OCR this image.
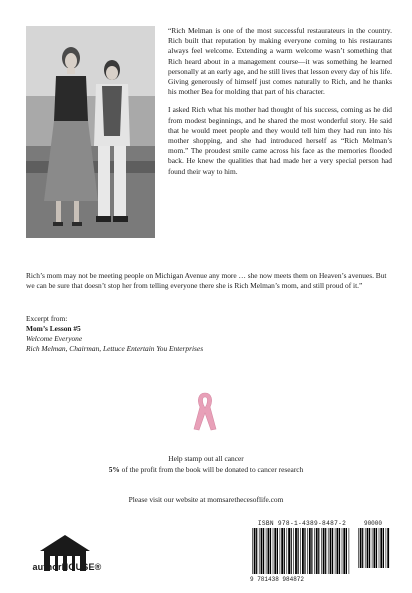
“Rich Melman is one of the most successful restaurateurs in the country. Rich built that reputation by making everyone coming to his restaurants always feel welcome. Extending a warm welcome wasn’t something that Rich heard about in a management course—it was something he learned personally at an early age, and he still lives that lesson every day of his life. Giving generously of himself just comes naturally to Rich, and he thanks his mother Bea for molding that part of his character.

I asked Rich what his mother had thought of his success, coming as he did from modest beginnings, and he shared the most wonderful story. He said that he would meet people and they would tell him they had run into his mother shopping, and she had introduced herself as “Rich Melman’s mom.” The proudest smile came across his face as the memories flooded back. He knew the qualities that had made her a very special person had found their way to him.

Rich’s mom may not be meeting people on Michigan Avenue any more … she now meets them on Heaven’s avenues. But we can be sure that doesn’t stop her from telling everyone there she is Rich Melman’s mom, and still proud of it.”

Excerpt from:
Mom’s Lesson #5
Welcome Everyone
Rich Melman, Chairman, Lettuce Entertain You Enterprises
Help stamp out all cancer
5% of the profit from the book will be donated to cancer research
Please visit our website at momsarethecesoflife.com
authorHOUSE®
ISBN 978-1-4389-8487-2	90000
9 781438 984872
